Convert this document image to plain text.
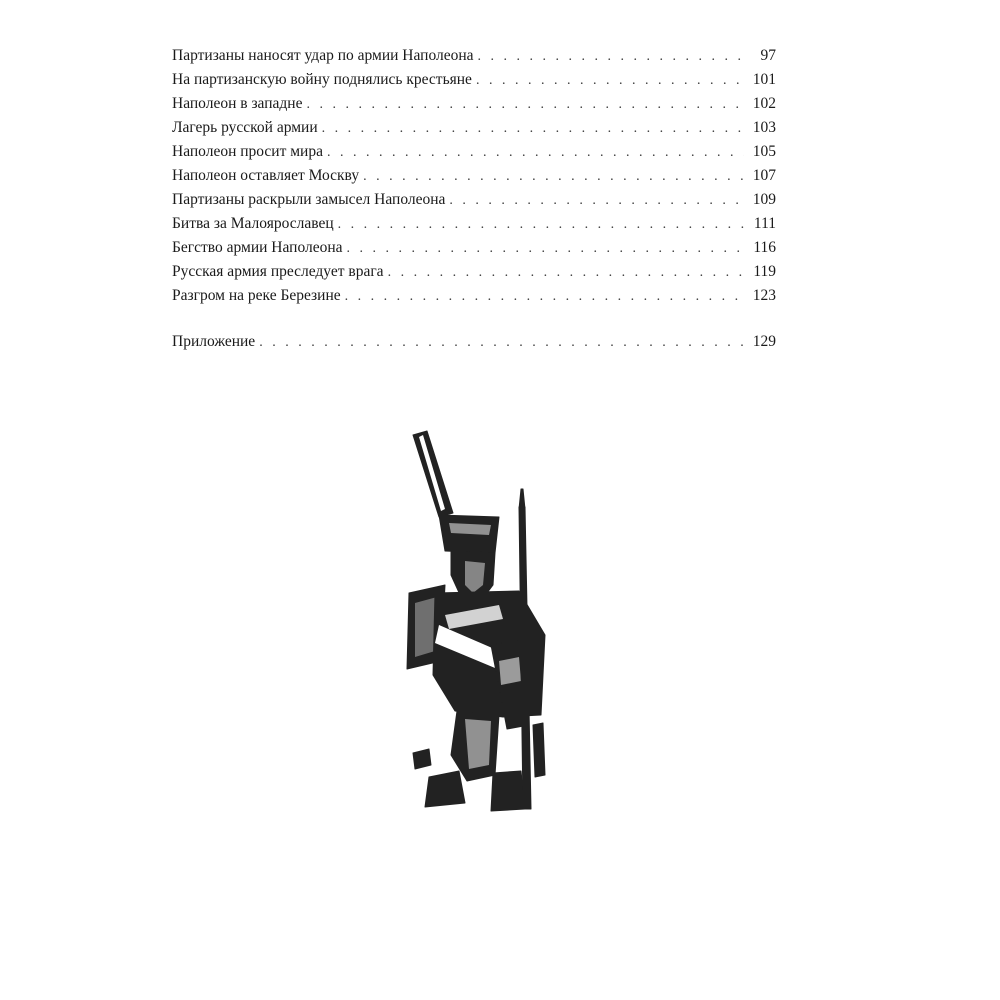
Партизаны наносят удар по армии Наполеона . . .	97
На партизанскую войну поднялись крестьяне . . .	101
Наполеон в западне . . .	102
Лагерь русской армии . . .	103
Наполеон просит мира . . .	105
Наполеон оставляет Москву . . .	107
Партизаны раскрыли замысел Наполеона . . .	109
Битва за Малоярославец . . .	111
Бегство армии Наполеона . . .	116
Русская армия преследует врага . . .	119
Разгром на реке Березине . . .	123
Приложение . . .	129
